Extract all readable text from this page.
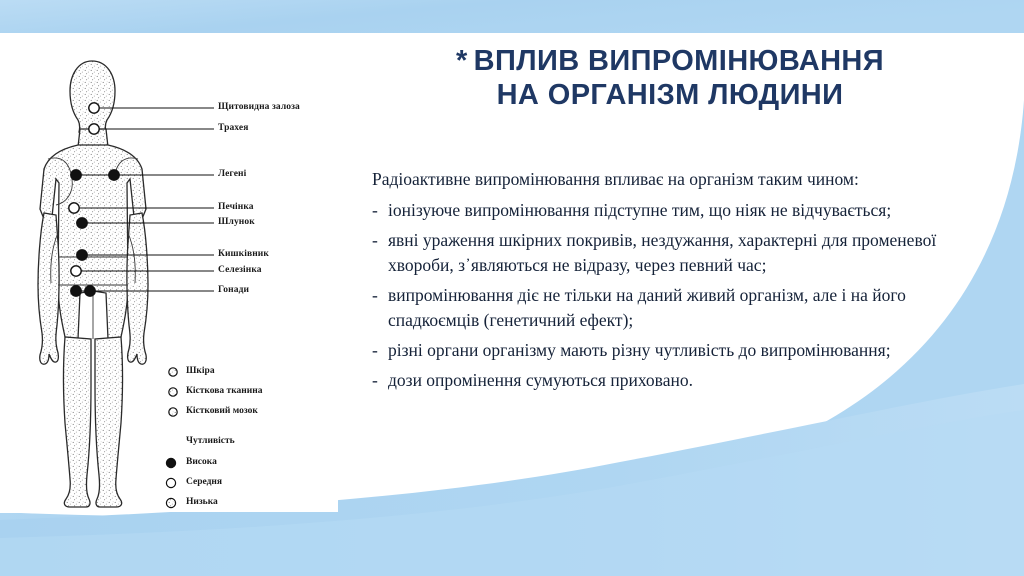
Щитовидна залоза
Трахея
Легені
Печінка
Шлунок
Кишківник
Селезінка
Гонади
Шкіра
Кісткова тканина
Кістковий мозок
Чутливість
Висока
Середня
Низька
* ВПЛИВ ВИПРОМІНЮВАННЯ
НА ОРГАНІЗМ ЛЮДИНИ

Радіоактивне випромінювання впливає на організм таким чином:

- іонізуюче випромінювання підступне тим, що ніяк не відчувається;
- явні ураження шкірних покривів, нездужання, характерні для променевої хвороби, з᾽являються не відразу, через певний час;
- випромінювання діє не тільки на даний живий організм, але і на його спадкоємців (генетичний ефект);
- різні органи організму мають різну чутливість до випромінювання;
- дози опромінення сумуються приховано.
